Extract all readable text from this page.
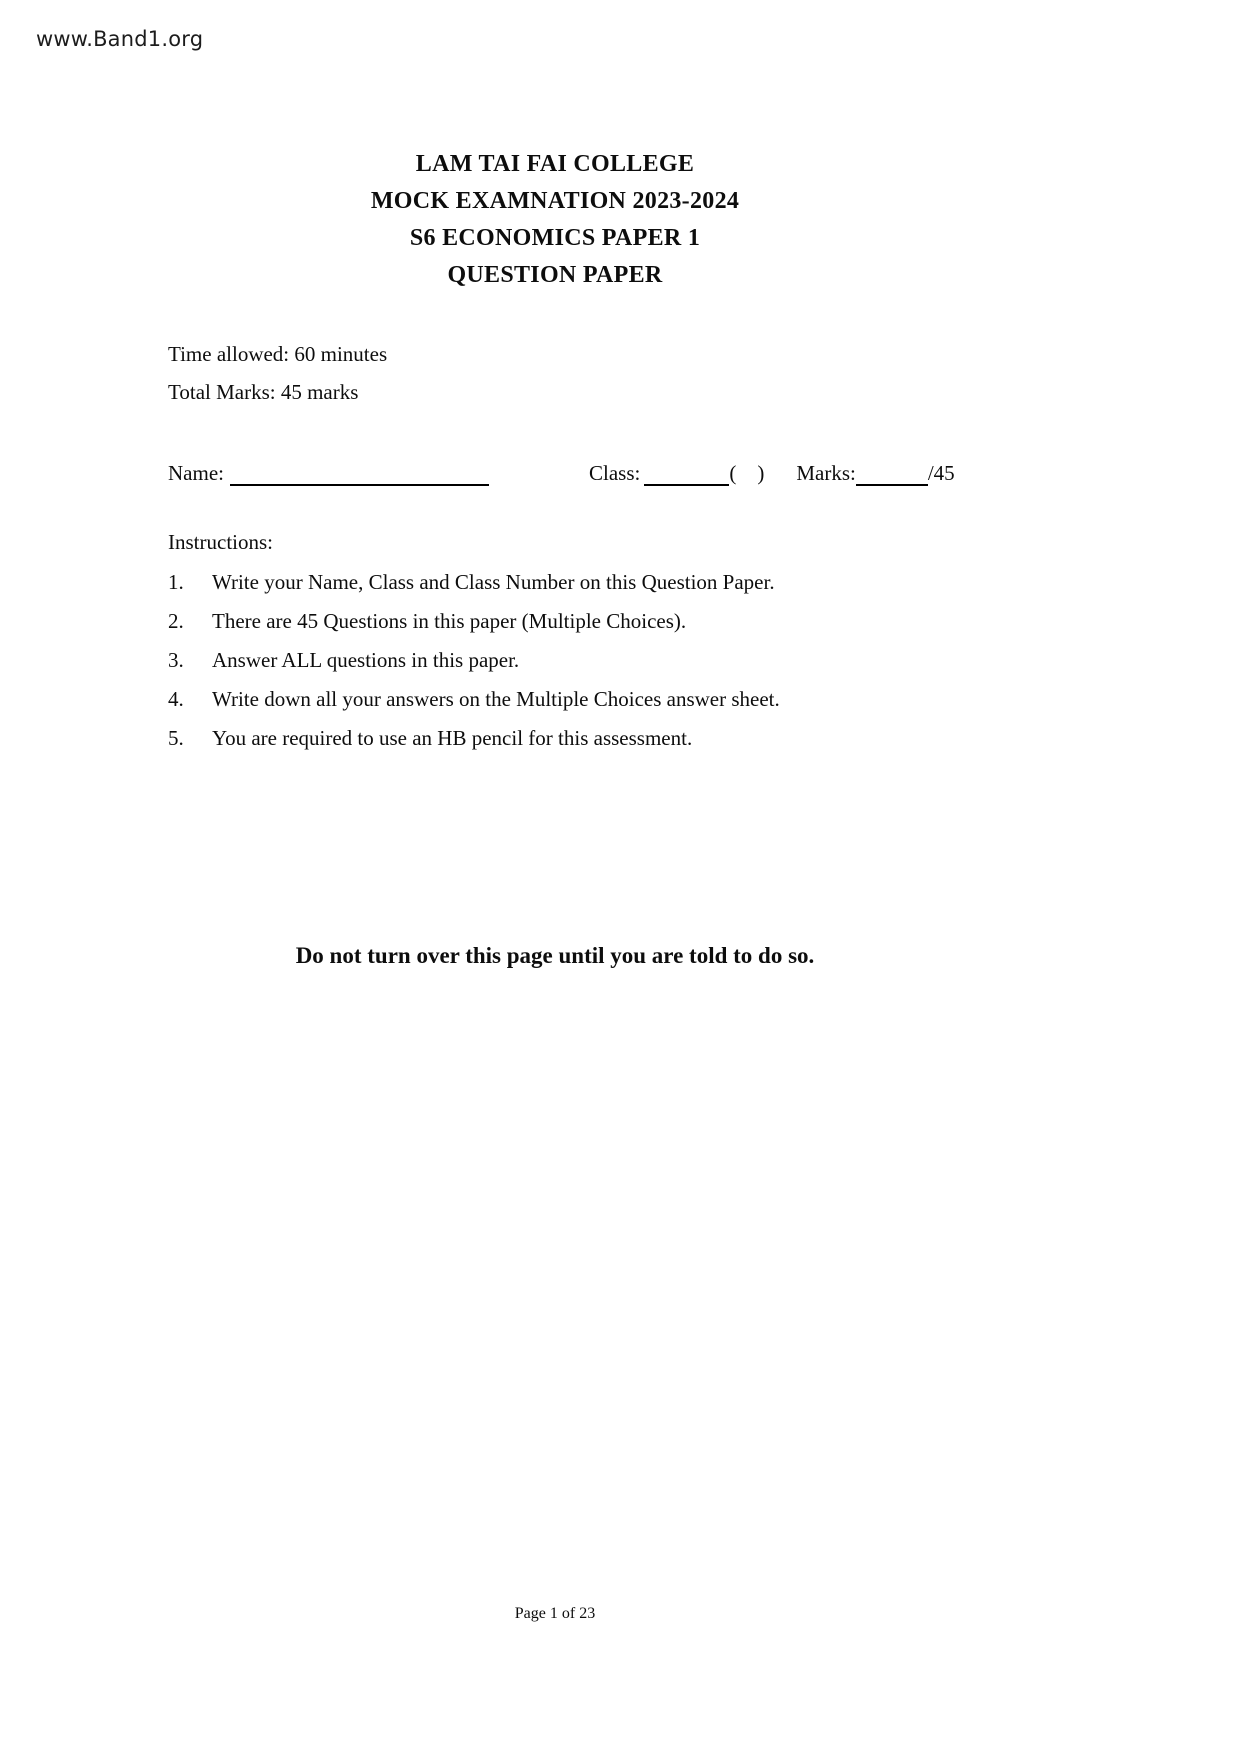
www.Band1.org
LAM TAI FAI COLLEGE
MOCK EXAMNATION 2023-2024
S6 ECONOMICS PAPER 1
QUESTION PAPER
Time allowed: 60 minutes
Total Marks: 45 marks
Name:	Class:	(    ) Marks:	/45
Instructions:
1.	Write your Name, Class and Class Number on this Question Paper.
2.	There are 45 Questions in this paper (Multiple Choices).
3.	Answer ALL questions in this paper.
4.	Write down all your answers on the Multiple Choices answer sheet.
5.	You are required to use an HB pencil for this assessment.
Do not turn over this page until you are told to do so.
Page 1 of 23
